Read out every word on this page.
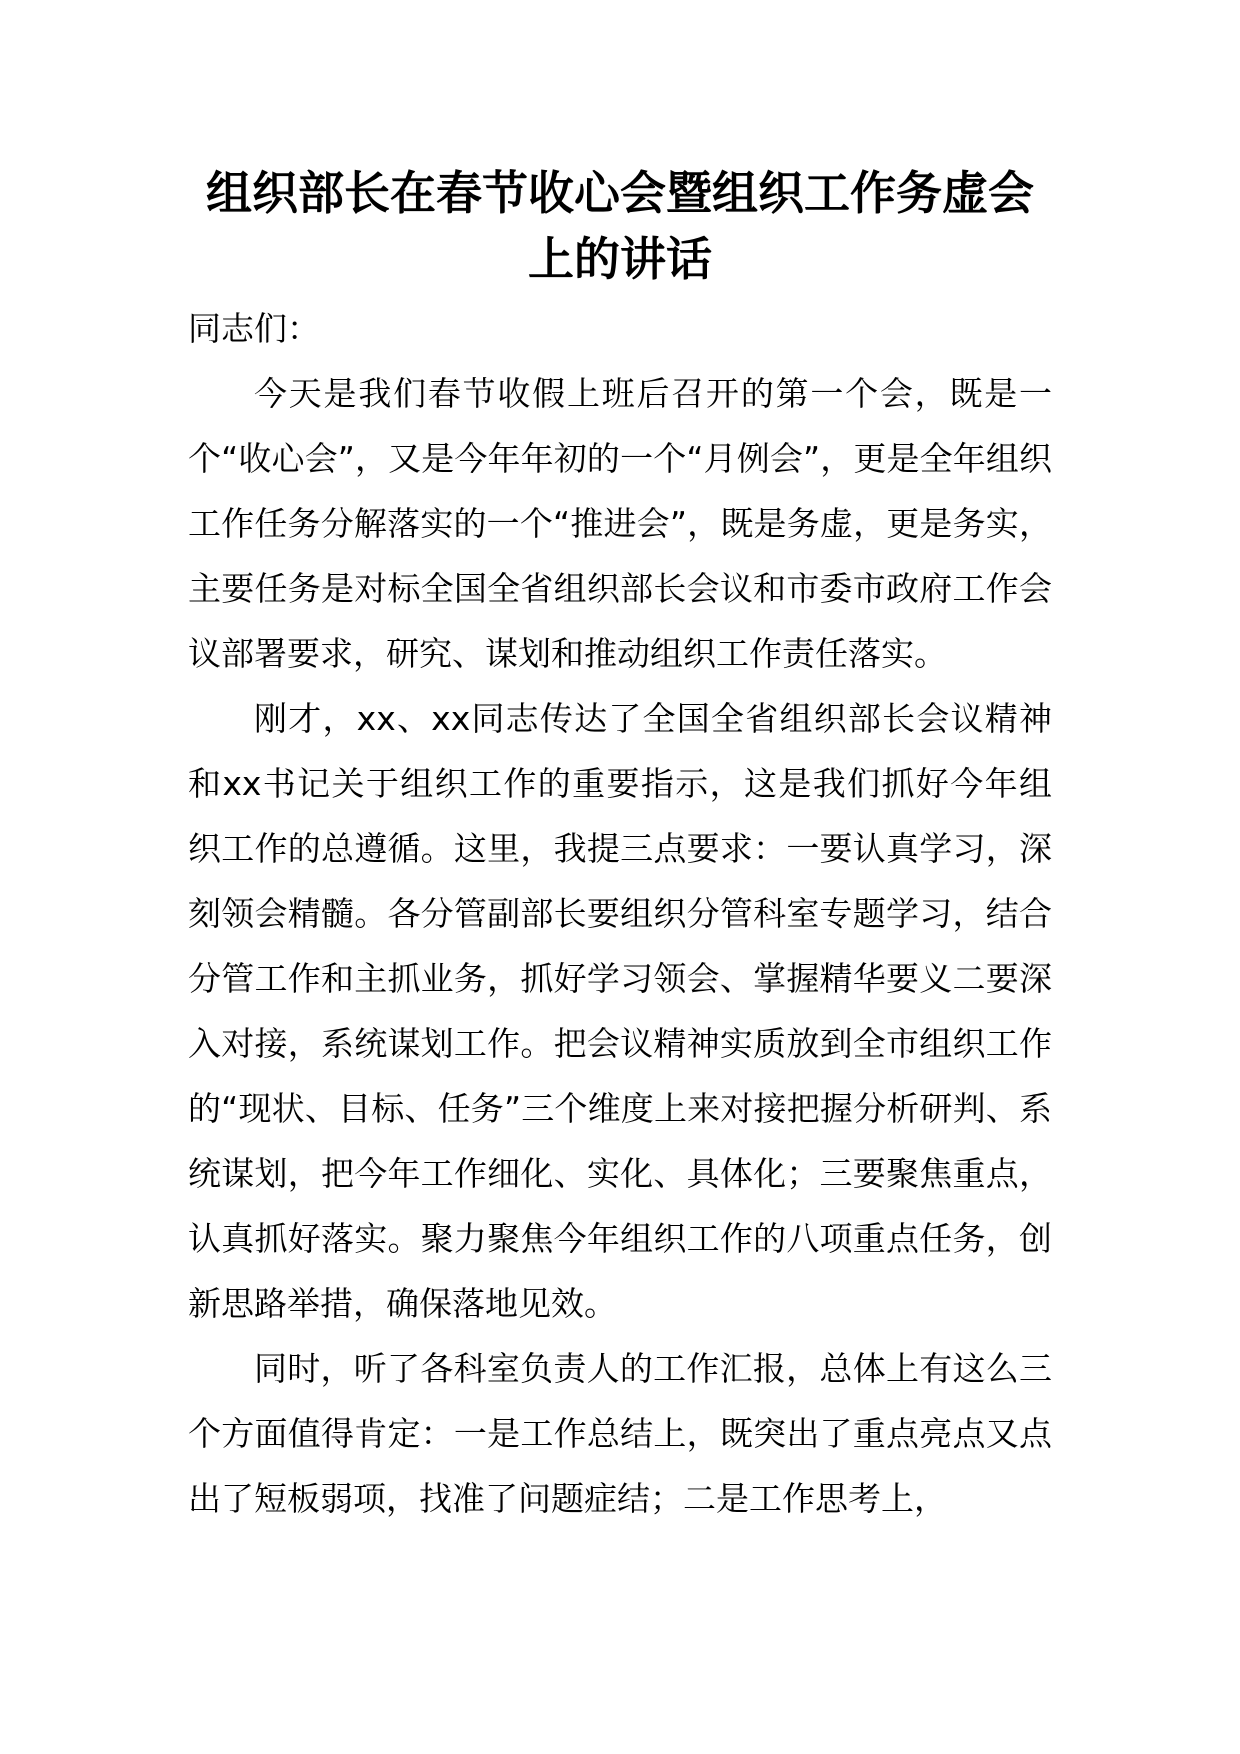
组织部长在春节收心会暨组织工作务虚会上的讲话

同志们：

今天是我们春节收假上班后召开的第一个会，既是一个“收心会”，又是今年年初的一个“月例会”，更是全年组织工作任务分解落实的一个“推进会”，既是务虚，更是务实，主要任务是对标全国全省组织部长会议和市委市政府工作会议部署要求，研究、谋划和推动组织工作责任落实。

刚才，xx、xx同志传达了全国全省组织部长会议精神和xx书记关于组织工作的重要指示，这是我们抓好今年组织工作的总遵循。这里，我提三点要求：一要认真学习，深刻领会精髓。各分管副部长要组织分管科室专题学习，结合分管工作和主抓业务，抓好学习领会、掌握精华要义二要深入对接，系统谋划工作。把会议精神实质放到全市组织工作的“现状、目标、任务”三个维度上来对接把握分析研判、系统谋划，把今年工作细化、实化、具体化；三要聚焦重点，认真抓好落实。聚力聚焦今年组织工作的八项重点任务，创新思路举措，确保落地见效。

同时，听了各科室负责人的工作汇报，总体上有这么三个方面值得肯定：一是工作总结上，既突出了重点亮点又点出了短板弱项，找准了问题症结；二是工作思考上，
